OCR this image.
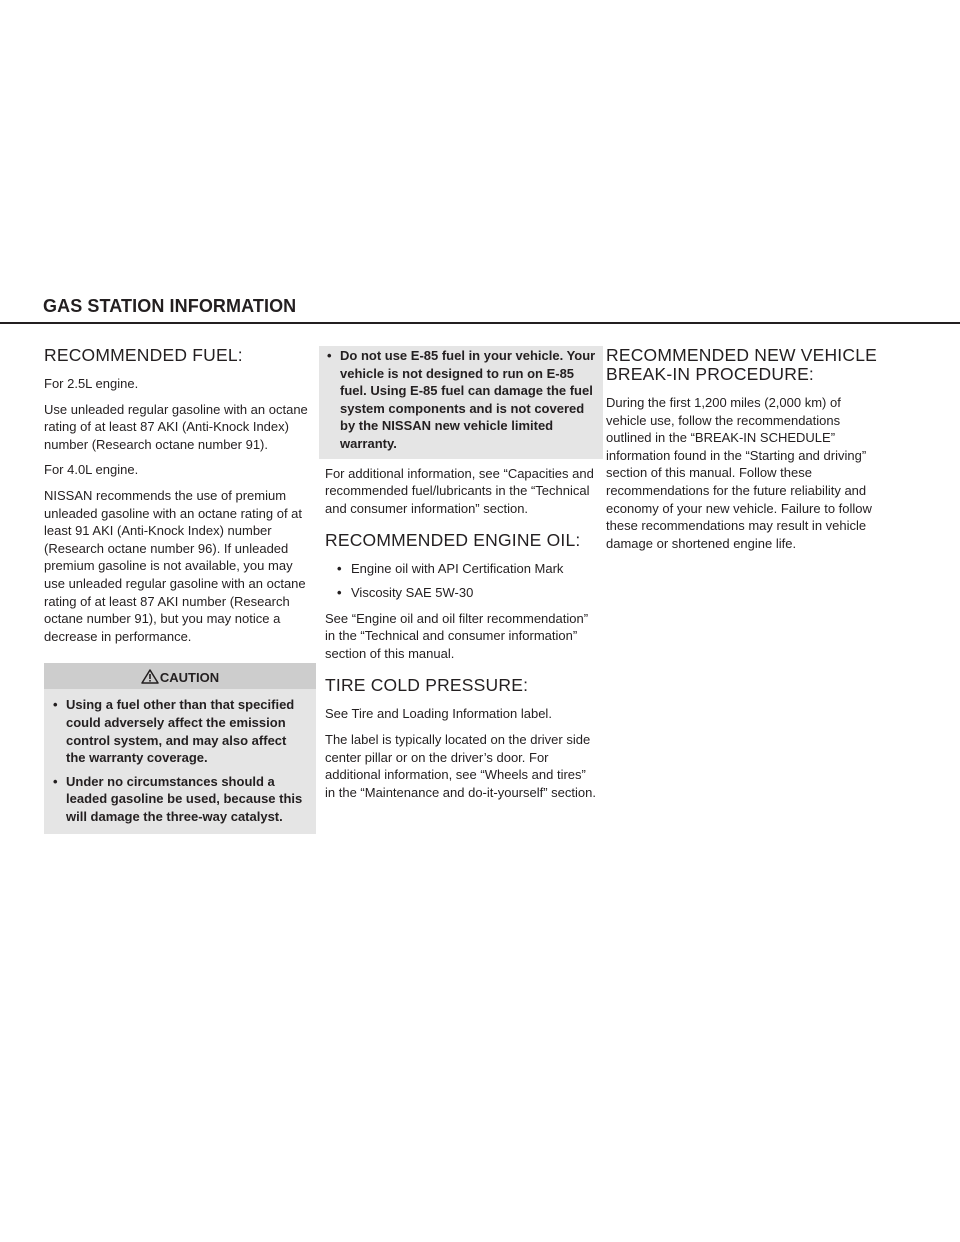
GAS STATION INFORMATION
RECOMMENDED FUEL:

For 2.5L engine.

Use unleaded regular gasoline with an octane rating of at least 87 AKI (Anti-Knock Index) number (Research octane number 91).

For 4.0L engine.

NISSAN recommends the use of premium unleaded gasoline with an octane rating of at least 91 AKI (Anti-Knock Index) number (Research octane number 96). If unleaded premium gasoline is not available, you may use unleaded regular gasoline with an octane rating of at least 87 AKI number (Research octane number 91), but you may notice a decrease in performance.

CAUTION
• Using a fuel other than that specified could adversely affect the emission control system, and may also affect the warranty coverage.
• Under no circumstances should a leaded gasoline be used, because this will damage the three-way catalyst.
• Do not use E-85 fuel in your vehicle. Your vehicle is not designed to run on E-85 fuel. Using E-85 fuel can damage the fuel system components and is not covered by the NISSAN new vehicle limited warranty.

For additional information, see “Capacities and recommended fuel/lubricants in the “Technical and consumer information” section.

RECOMMENDED ENGINE OIL:
• Engine oil with API Certification Mark
• Viscosity SAE 5W-30

See “Engine oil and oil filter recommendation” in the “Technical and consumer information” section of this manual.

TIRE COLD PRESSURE:

See Tire and Loading Information label.

The label is typically located on the driver side center pillar or on the driver’s door. For additional information, see “Wheels and tires” in the “Maintenance and do-it-yourself” section.

RECOMMENDED NEW VEHICLE
BREAK-IN PROCEDURE:

During the first 1,200 miles (2,000 km) of vehicle use, follow the recommendations outlined in the “BREAK-IN SCHEDULE” information found in the “Starting and driving” section of this manual. Follow these recommendations for the future reliability and economy of your new vehicle. Failure to follow these recommendations may result in vehicle damage or shortened engine life.
